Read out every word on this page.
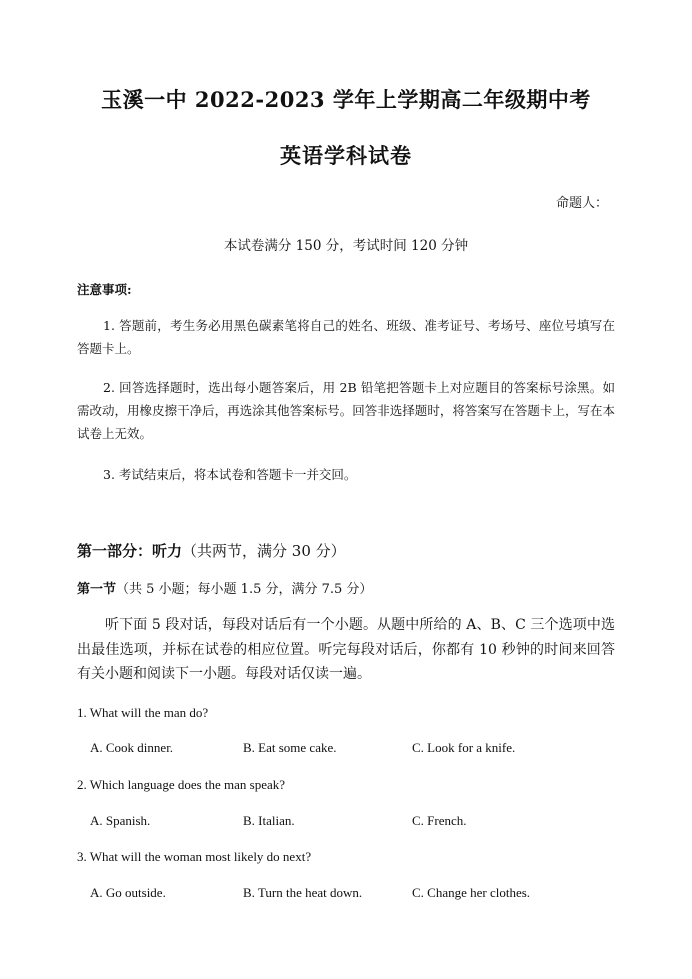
玉溪一中 2022-2023 学年上学期高二年级期中考
英语学科试卷
命题人：
本试卷满分 150 分，考试时间 120 分钟
注意事项:
1. 答题前，考生务必用黑色碳素笔将自己的姓名、班级、准考证号、考场号、座位号填写在答题卡上。
2. 回答选择题时，选出每小题答案后，用 2B 铅笔把答题卡上对应题目的答案标号涂黑。如需改动，用橡皮擦干净后，再选涂其他答案标号。回答非选择题时，将答案写在答题卡上，写在本试卷上无效。
3. 考试结束后，将本试卷和答题卡一并交回。
第一部分：听力（共两节，满分 30 分）
第一节（共 5 小题；每小题 1.5 分，满分 7.5 分）
听下面 5 段对话，每段对话后有一个小题。从题中所给的 A、B、C 三个选项中选出最佳选项，并标在试卷的相应位置。听完每段对话后，你都有 10 秒钟的时间来回答有关小题和阅读下一小题。每段对话仅读一遍。
1. What will the man do?
A. Cook dinner.	B. Eat some cake.	C. Look for a knife.
2. Which language does the man speak?
A. Spanish.	B. Italian.	C. French.
3. What will the woman most likely do next?
A. Go outside.	B. Turn the heat down.	C. Change her clothes.
